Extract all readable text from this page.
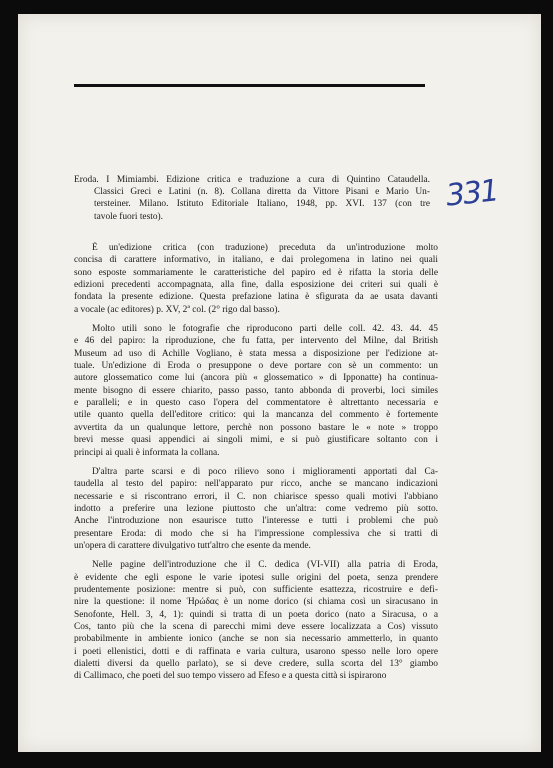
331
Eroda. I Mimiambi. Edizione critica e traduzione a cura di Quintino Cataudella.
Classici Greci e Latini (n. 8). Collana diretta da Vittore Pisani e Mario Un-
tersteiner. Milano. Istituto Editoriale Italiano, 1948, pp. XVI. 137 (con tre
tavole fuori testo).
È un'edizione critica (con traduzione) preceduta da un'introduzione molto
concisa di carattere informativo, in italiano, e dai prolegomena in latino nei quali
sono esposte sommariamente le caratteristiche del papiro ed è rifatta la storia delle
edizioni precedenti accompagnata, alla fine, dalla esposizione dei criteri sui quali è
fondata la presente edizione. Questa prefazione latina è sfigurata da ae usata davanti
a vocale (ac editores) p. XV, 2ª col. (2° rigo dal basso).
Molto utili sono le fotografie che riproducono parti delle coll. 42. 43. 44. 45
e 46 del papiro: la riproduzione, che fu fatta, per intervento del Milne, dal British
Museum ad uso di Achille Vogliano, è stata messa a disposizione per l'edizione at-
tuale. Un'edizione di Eroda o presuppone o deve portare con sè un commento: un
autore glossematico come lui (ancora più « glossematico » di Ipponatte) ha continua-
mente bisogno di essere chiarito, passo passo, tanto abbonda di proverbi, loci similes
e paralleli; e in questo caso l'opera del commentatore è altrettanto necessaria e
utile quanto quella dell'editore critico: qui la mancanza del commento è fortemente
avvertita da un qualunque lettore, perchè non possono bastare le « note » troppo
brevi messe quasi appendici ai singoli mimi, e si può giustificare soltanto con i
principi ai quali è informata la collana.
D'altra parte scarsi e di poco rilievo sono i miglioramenti apportati dal Ca-
taudella al testo del papiro: nell'apparato pur ricco, anche se mancano indicazioni
necessarie e si riscontrano errori, il C. non chiarisce spesso quali motivi l'abbiano
indotto a preferire una lezione piuttosto che un'altra: come vedremo più sotto.
Anche l'introduzione non esaurisce tutto l'interesse e tutti i problemi che può
presentare Eroda: di modo che si ha l'impressione complessiva che si tratti di
un'opera di carattere divulgativo tutt'altro che esente da mende.
Nelle pagine dell'introduzione che il C. dedica (VI-VII) alla patria di Eroda,
è evidente che egli espone le varie ipotesi sulle origini del poeta, senza prendere
prudentemente posizione: mentre si può, con sufficiente esattezza, ricostruire e defi-
nire la questione: il nome Ἡρώδας è un nome dorico (si chiama così un siracusano in
Senofonte, Hell. 3, 4, 1): quindi si tratta di un poeta dorico (nato a Siracusa, o a
Cos, tanto più che la scena di parecchi mimi deve essere localizzata a Cos) vissuto
probabilmente in ambiente ionico (anche se non sia necessario ammetterlo, in quanto
i poeti ellenistici, dotti e di raffinata e varia cultura, usarono spesso nelle loro opere
dialetti diversi da quello parlato), se si deve credere, sulla scorta del 13° giambo
di Callimaco, che poeti del suo tempo vissero ad Efeso e a questa città si ispirarono
